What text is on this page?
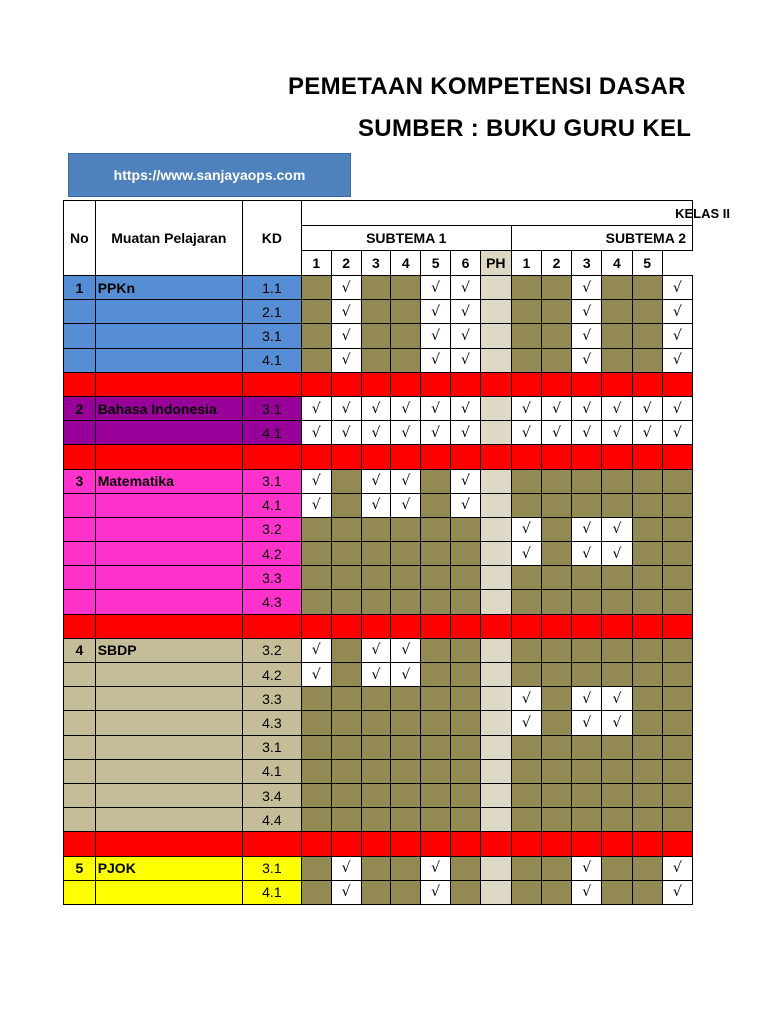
PEMETAAN KOMPETENSI DASAR
SUMBER : BUKU GURU KEL
https://www.sanjayaops.com
No	Muatan Pelajaran	KD	KELAS II												
			SUBTEMA 1							SUBTEMA 2					
			1	2	3	4	5	6	PH	1	2	3	4	5	
1	PPKn	1.1		√			√	√				√			√
		2.1		√			√	√				√			√
		3.1		√			√	√				√			√
		4.1		√			√	√				√			√

2	Bahasa Indonesia	3.1	√	√	√	√	√	√		√	√	√	√	√	√
		4.1	√	√	√	√	√	√		√	√	√	√	√	√

3	Matematika	3.1	√		√	√		√							
		4.1	√		√	√		√							
		3.2								√		√	√		
		4.2								√		√	√		
		3.3													
		4.3													

4	SBDP	3.2	√		√	√									
		4.2	√		√	√									
		3.3								√		√	√		
		4.3								√		√	√		
		3.1													
		4.1													
		3.4													
		4.4													

5	PJOK	3.1		√			√					√			√
		4.1		√			√					√			√
